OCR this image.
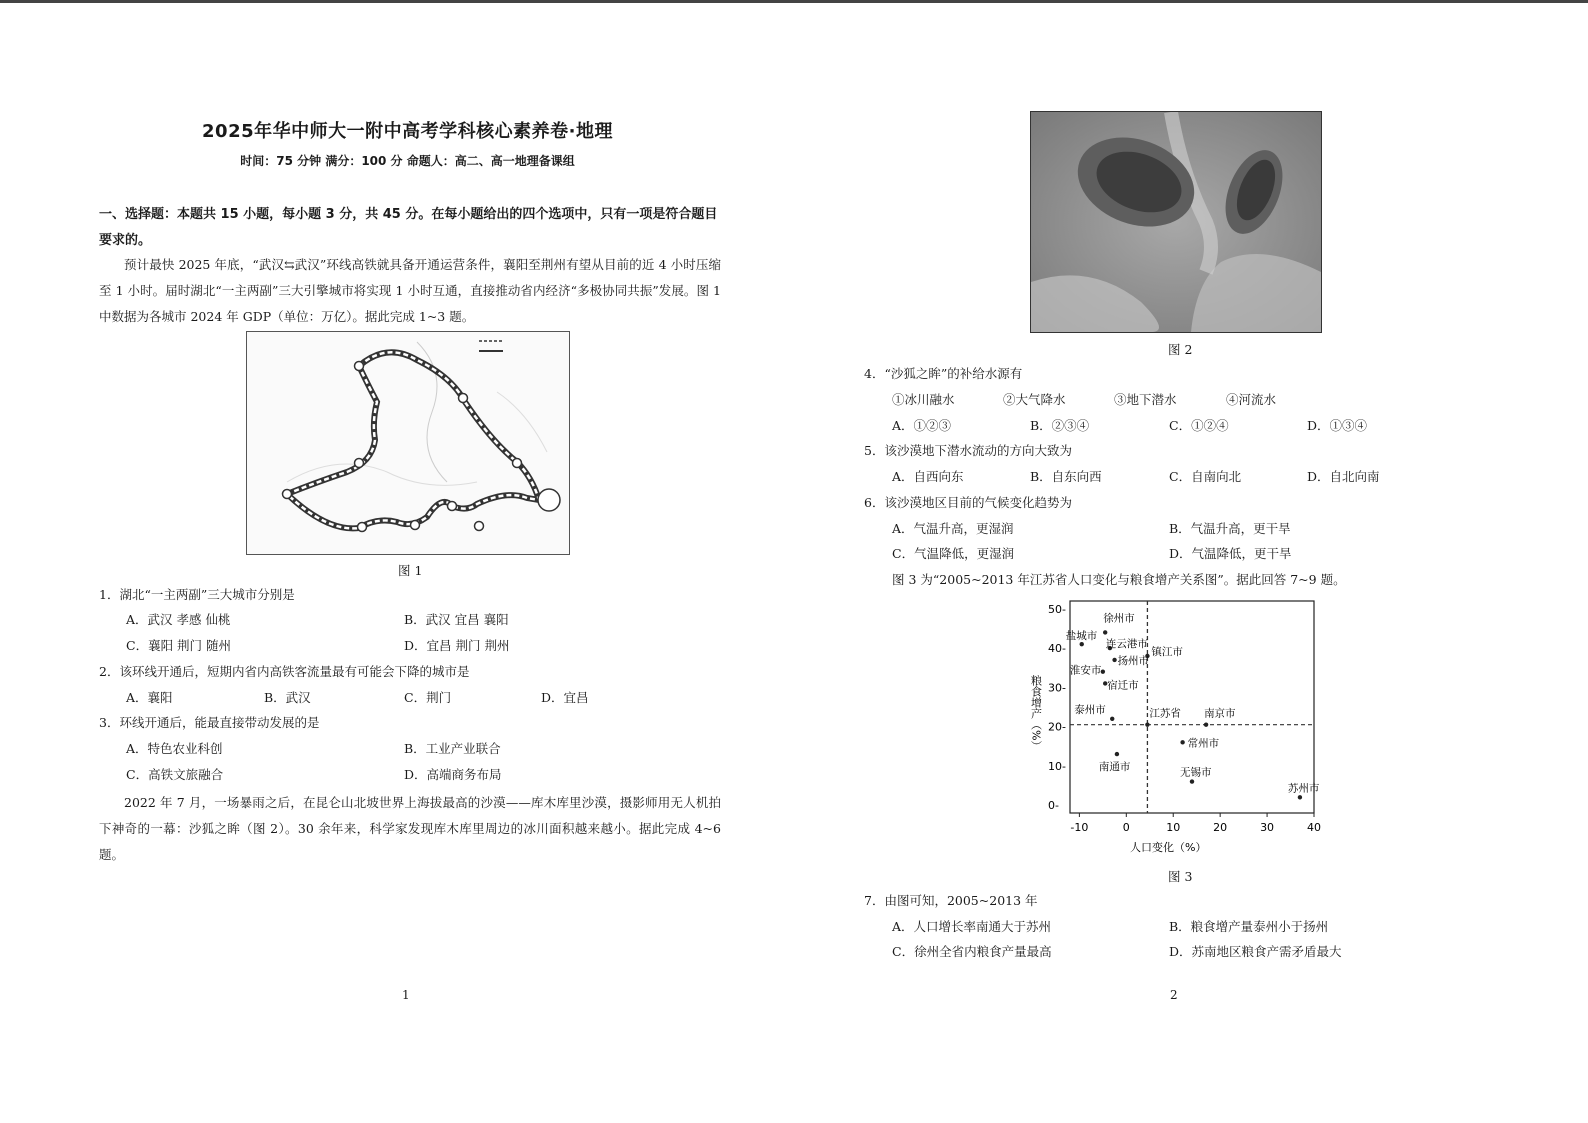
2025年华中师大一附中高考学科核心素养卷·地理
时间：75 分钟 满分：100 分 命题人：高二、高一地理备课组
一、选择题：本题共 15 小题，每小题 3 分，共 45 分。在每小题给出的四个选项中，只有一项是符合题目要求的。
预计最快 2025 年底，“武汉⇆武汉”环线高铁就具备开通运营条件，襄阳至荆州有望从目前的近 4 小时压缩至 1 小时。届时湖北“一主两副”三大引擎城市将实现 1 小时互通，直接推动省内经济“多极协同共振”发展。图 1 中数据为各城市 2024 年 GDP（单位：万亿）。据此完成 1~3 题。
图 1
1．湖北“一主两副”三大城市分别是
A．武汉 孝感 仙桃	B．武汉 宜昌 襄阳
C．襄阳 荆门 随州	D．宜昌 荆门 荆州
2．该环线开通后，短期内省内高铁客流量最有可能会下降的城市是
A．襄阳	B．武汉	C．荆门	D．宜昌
3．环线开通后，能最直接带动发展的是
A．特色农业科创	B．工业产业联合
C．高铁文旅融合	D．高端商务布局
2022 年 7 月，一场暴雨之后，在昆仑山北坡世界上海拔最高的沙漠——库木库里沙漠，摄影师用无人机拍下神奇的一幕：沙狐之眸（图 2）。30 余年来，科学家发现库木库里周边的冰川面积越来越小。据此完成 4~6 题。
1
图 2
4．“沙狐之眸”的补给水源有
①冰川融水	②大气降水	③地下潜水	④河流水
A．①②③	B．②③④	C．①②④	D．①③④
5．该沙漠地下潜水流动的方向大致为
A．自西向东	B．自东向西	C．自南向北	D．自北向南
6．该沙漠地区目前的气候变化趋势为
A．气温升高，更湿润	B．气温升高，更干旱
C．气温降低，更湿润	D．气温降低，更干旱
图 3 为“2005~2013 年江苏省人口变化与粮食增产关系图”。据此回答 7~9 题。
0-
10-
20-
30-
40-
50-
-10	0	10	20	30	40
盐城市
徐州市
连云港市
镇江市
淮安市
扬州市
宿迁市
泰州市	江苏省 南京市
常州市
南通市	无锡市
苏州市
人口变化（%）
粮食增产（%）
图 3
7．由图可知，2005~2013 年
A．人口增长率南通大于苏州	B．粮食增产量泰州小于扬州
C．徐州全省内粮食产量最高	D．苏南地区粮食产需矛盾最大
2
